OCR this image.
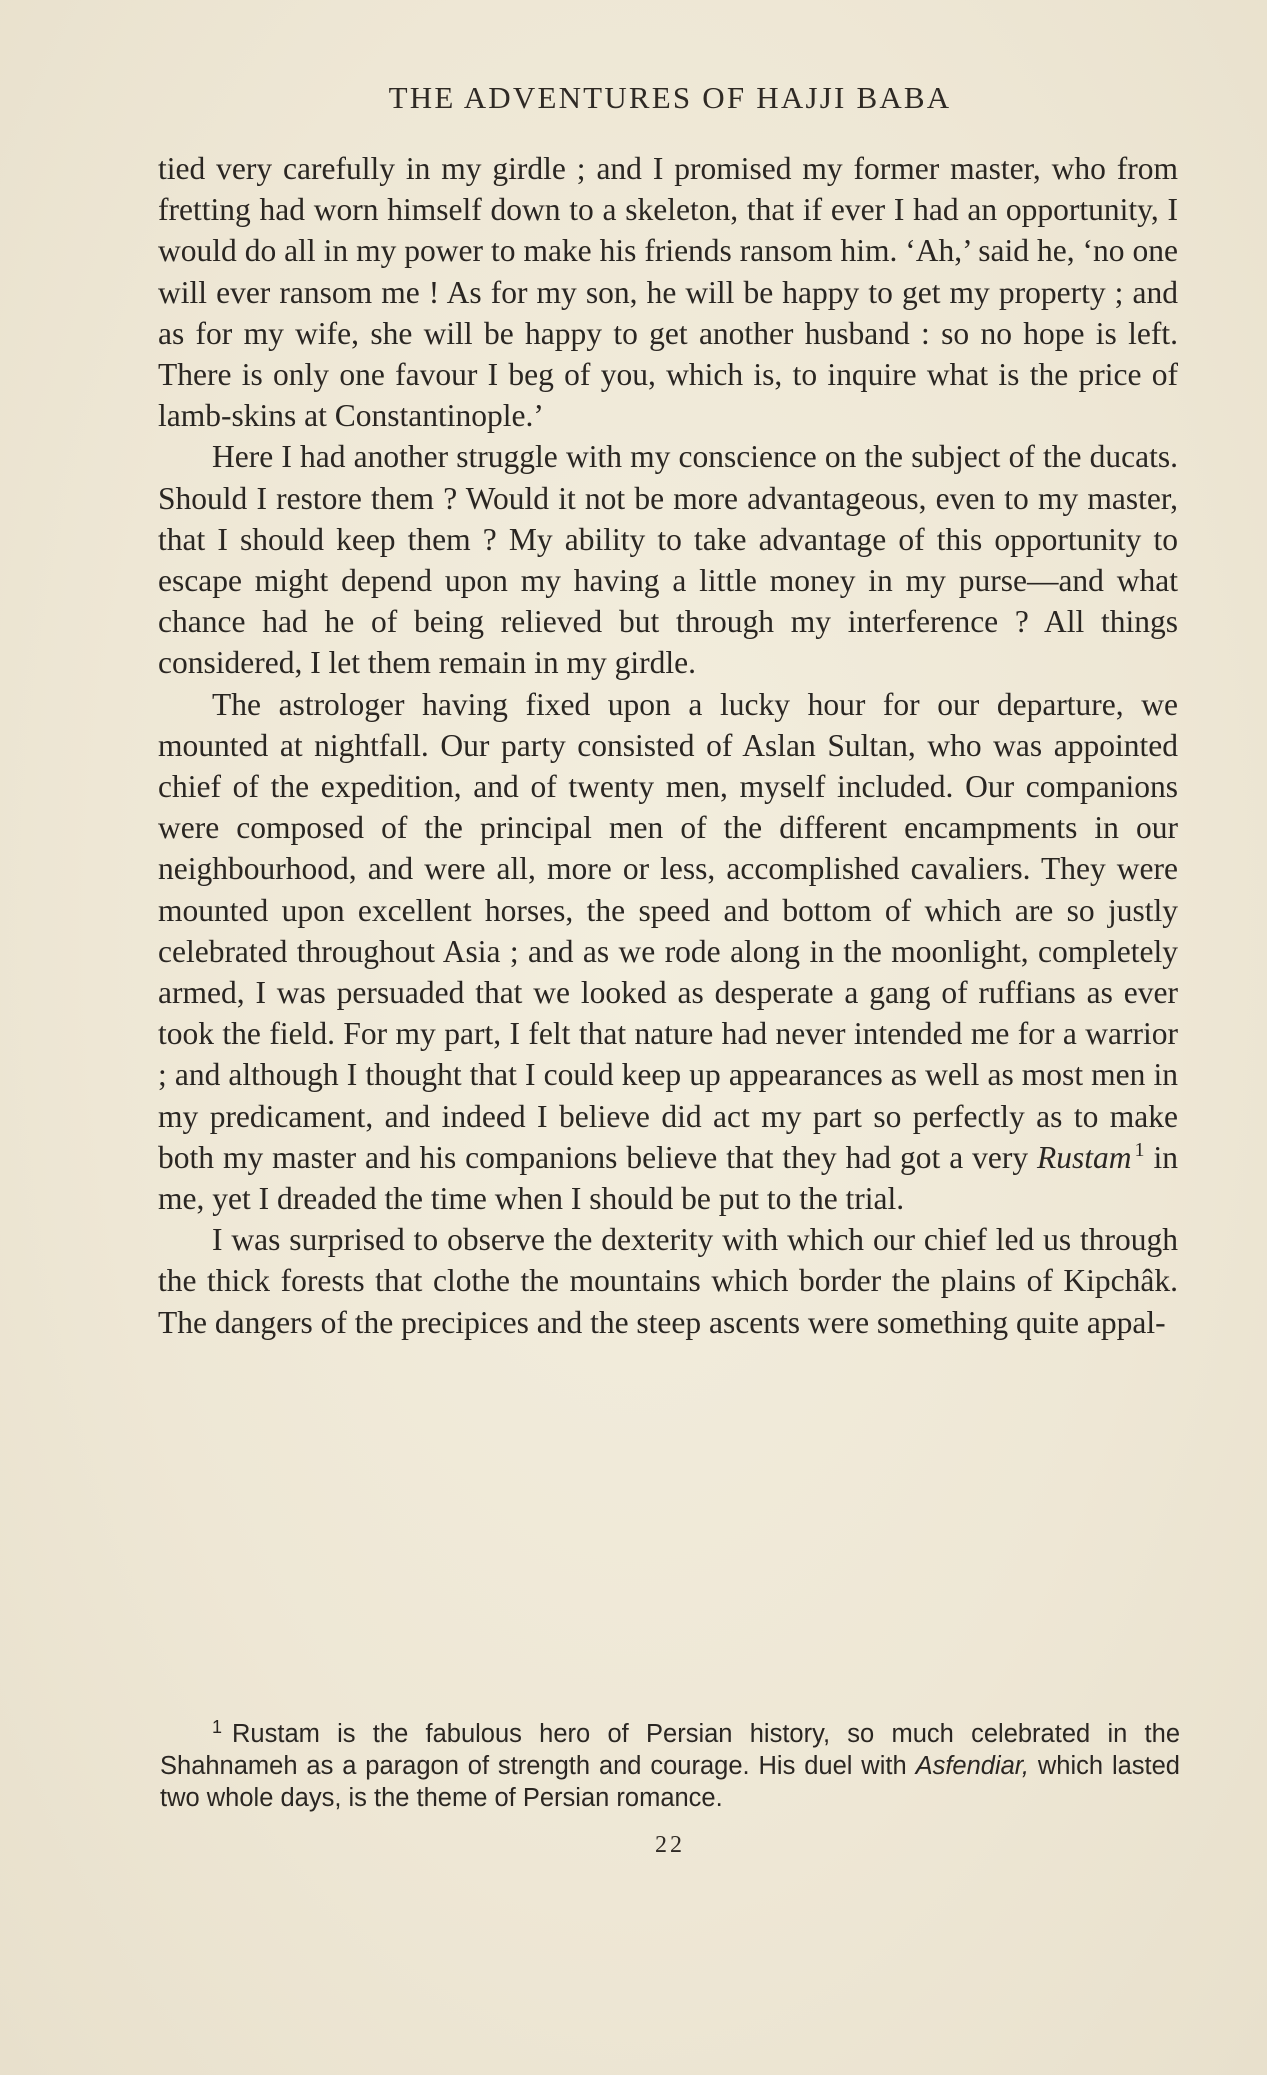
THE ADVENTURES OF HAJJI BABA

tied very carefully in my girdle ; and I promised my former master, who from fretting had worn himself down to a skeleton, that if ever I had an opportunity, I would do all in my power to make his friends ransom him. ‘Ah,’ said he, ‘no one will ever ransom me ! As for my son, he will be happy to get my property ; and as for my wife, she will be happy to get another husband : so no hope is left. There is only one favour I beg of you, which is, to inquire what is the price of lamb-skins at Constantinople.’

Here I had another struggle with my conscience on the subject of the ducats. Should I restore them ? Would it not be more advantageous, even to my master, that I should keep them ? My ability to take advantage of this opportunity to escape might depend upon my having a little money in my purse—and what chance had he of being relieved but through my interference ? All things considered, I let them remain in my girdle.

The astrologer having fixed upon a lucky hour for our departure, we mounted at nightfall. Our party consisted of Aslan Sultan, who was appointed chief of the expedition, and of twenty men, myself included. Our companions were composed of the principal men of the different encampments in our neighbourhood, and were all, more or less, accomplished cavaliers. They were mounted upon excellent horses, the speed and bottom of which are so justly celebrated throughout Asia ; and as we rode along in the moonlight, completely armed, I was persuaded that we looked as desperate a gang of ruffians as ever took the field. For my part, I felt that nature had never intended me for a warrior ; and although I thought that I could keep up appearances as well as most men in my predicament, and indeed I believe did act my part so perfectly as to make both my master and his companions believe that they had got a very Rustam $^1$ in me, yet I dreaded the time when I should be put to the trial.

I was surprised to observe the dexterity with which our chief led us through the thick forests that clothe the mountains which border the plains of Kipchâk. The dangers of the precipices and the steep ascents were something quite appal-

$^1$ Rustam is the fabulous hero of Persian history, so much celebrated in the Shahnameh as a paragon of strength and courage. His duel with Asfendiar, which lasted two whole days, is the theme of Persian romance.

22
